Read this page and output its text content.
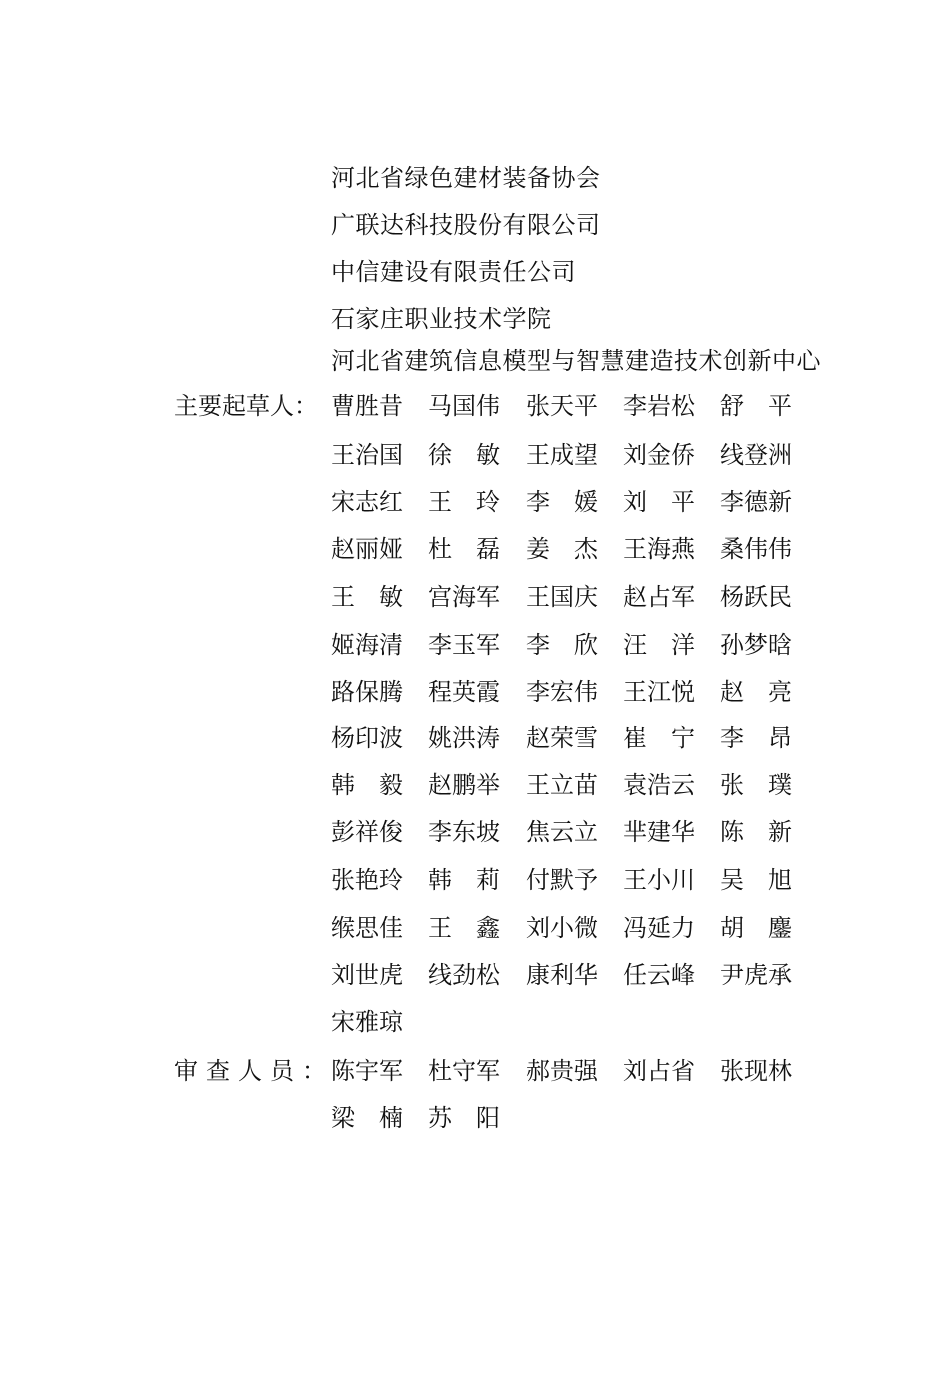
河北省绿色建材装备协会
广联达科技股份有限公司
中信建设有限责任公司
石家庄职业技术学院
河北省建筑信息模型与智慧建造技术创新中心
主要起草人： 曹胜昔 马国伟 张天平 李岩松 舒 平
王治国 徐 敏 王成望 刘金侨 线登洲
宋志红 王 玲 李 媛 刘 平 李德新
赵丽娅 杜 磊 姜 杰 王海燕 桑伟伟
王 敏 宫海军 王国庆 赵占军 杨跃民
姬海清 李玉军 李 欣 汪 洋 孙梦晗
路保腾 程英霞 李宏伟 王江悦 赵 亮
杨印波 姚洪涛 赵荣雪 崔 宁 李 昂
韩 毅 赵鹏举 王立苗 袁浩云 张 璞
彭祥俊 李东坡 焦云立 芈建华 陈 新
张艳玲 韩 莉 付默予 王小川 吴 旭
缑思佳 王 鑫 刘小微 冯延力 胡 鏖
刘世虎 线劲松 康利华 任云峰 尹虎承
宋雅琼
审查人员：
陈宇军 杜守军 郝贵强 刘占省 张现林
梁 楠 苏 阳
